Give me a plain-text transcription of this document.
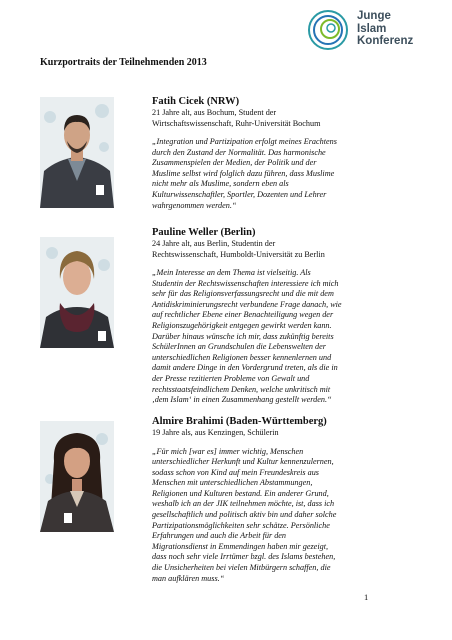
Junge
Islam
Konferenz
Kurzportraits der Teilnehmenden 2013
Fatih Cicek (NRW)
21 Jahre alt, aus Bochum, Student der
Wirtschaftswissenschaft, Ruhr-Universität Bochum
„Integration und Partizipation erfolgt meines Erachtens
durch den Zustand der Normalität. Das harmonische
Zusammenspielen der Medien, der Politik und der
Muslime selbst wird folglich dazu führen, dass Muslime
nicht mehr als Muslime, sondern eben als
Kulturwissenschaftler, Sportler, Dozenten und Lehrer
wahrgenommen werden.“
Pauline Weller (Berlin)
24 Jahre alt, aus Berlin, Studentin der
Rechtswissenschaft, Humboldt-Universität zu Berlin
„Mein Interesse an dem Thema ist vielseitig. Als
Studentin der Rechtswissenschaften interessiere ich mich
sehr für das Religionsverfassungsrecht und die mit dem
Antidiskriminierungsrecht verbundene Frage danach, wie
auf rechtlicher Ebene einer Benachteiligung wegen der
Religionszugehörigkeit entgegen gewirkt werden kann.
Darüber hinaus wünsche ich mir, dass zukünftig bereits
SchülerInnen an Grundschulen die Lebenswelten der
unterschiedlichen Religionen besser kennenlernen und
damit andere Dinge in den Vordergrund treten, als die in
der Presse rezitierten Probleme von Gewalt und
rechtsstaatsfeindlichem Denken, welche unkritisch mit
‚dem Islam‘ in einen Zusammenhang gestellt werden.“
Almire Brahimi (Baden-Württemberg)
19 Jahre als, aus Kenzingen, Schülerin
„Für mich [war es] immer wichtig, Menschen
unterschiedlicher Herkunft und Kultur kennenzulernen,
sodass schon von Kind auf mein Freundeskreis aus
Menschen mit unterschiedlichen Abstammungen,
Religionen und Kulturen bestand. Ein anderer Grund,
weshalb ich an der JIK teilnehmen möchte, ist, dass ich
gesellschaftlich und politisch aktiv bin und daher solche
Partizipationsmöglichkeiten sehr schätze. Persönliche
Erfahrungen und auch die Arbeit für den
Migrationsdienst in Emmendingen haben mir gezeigt,
dass noch sehr viele Irrtümer bzgl. des Islams bestehen,
die Unsicherheiten bei vielen Mitbürgern schaffen, die
man aufklären muss.“
1
